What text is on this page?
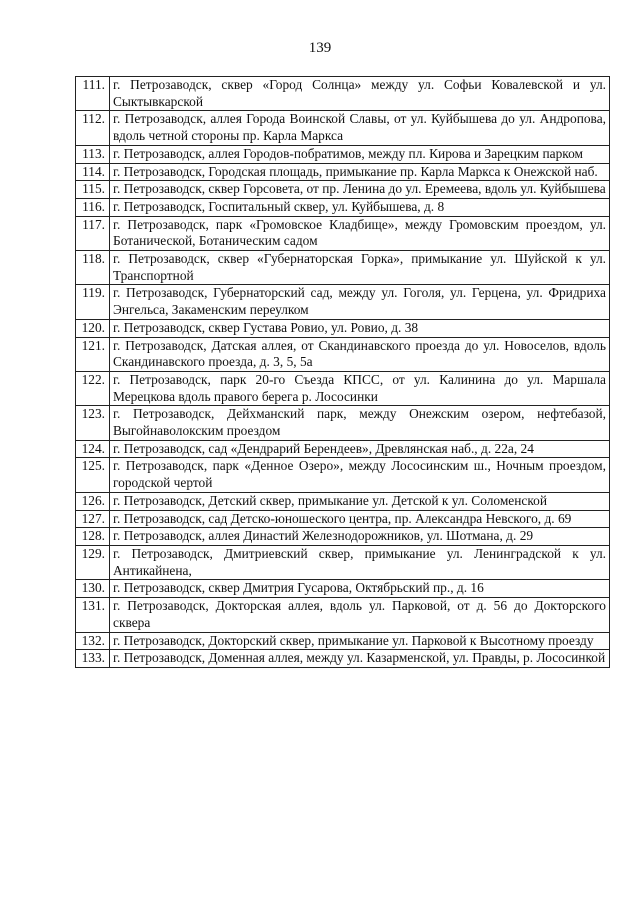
139
111.	г. Петрозаводск, сквер «Город Солнца» между ул. Софьи Ковалевской и ул. Сыктывкарской
112.	г. Петрозаводск, аллея Города Воинской Славы, от ул. Куйбышева до ул. Андропова, вдоль четной стороны пр. Карла Маркса
113.	г. Петрозаводск, аллея Городов-побратимов, между пл. Кирова и Зарецким парком
114.	г. Петрозаводск, Городская площадь, примыкание пр. Карла Маркса к Онежской наб.
115.	г. Петрозаводск, сквер Горсовета, от пр. Ленина до ул. Еремеева, вдоль ул. Куйбышева
116.	г. Петрозаводск, Госпитальный сквер, ул. Куйбышева, д. 8
117.	г. Петрозаводск, парк «Громовское Кладбище», между Громовским проездом, ул. Ботанической, Ботаническим садом
118.	г. Петрозаводск, сквер «Губернаторская Горка», примыкание ул. Шуйской к ул. Транспортной
119.	г. Петрозаводск, Губернаторский сад, между ул. Гоголя, ул. Герцена, ул. Фридриха Энгельса, Закаменским переулком
120.	г. Петрозаводск, сквер Густава Ровио, ул. Ровио, д. 38
121.	г. Петрозаводск, Датская аллея, от Скандинавского проезда до ул. Новоселов, вдоль Скандинавского проезда, д. 3, 5, 5а
122.	г. Петрозаводск, парк 20-го Съезда КПСС, от ул. Калинина до ул. Маршала Мерецкова вдоль правого берега р. Лососинки
123.	г. Петрозаводск, Дейхманский парк, между Онежским озером, нефтебазой, Выгойнаволокским проездом
124.	г. Петрозаводск, сад «Дендрарий Берендеев», Древлянская наб., д. 22а, 24
125.	г. Петрозаводск, парк «Денное Озеро», между Лососинским ш., Ночным проездом, городской чертой
126.	г. Петрозаводск, Детский сквер, примыкание ул. Детской к ул. Соломенской
127.	г. Петрозаводск, сад Детско-юношеского центра, пр. Александра Невского, д. 69
128.	г. Петрозаводск, аллея Династий Железнодорожников, ул. Шотмана, д. 29
129.	г. Петрозаводск, Дмитриевский сквер, примыкание ул. Ленинградской к ул. Антикайнена,
130.	г. Петрозаводск, сквер Дмитрия Гусарова, Октябрьский пр., д. 16
131.	г. Петрозаводск, Докторская аллея, вдоль ул. Парковой, от д. 56 до Докторского сквера
132.	г. Петрозаводск, Докторский сквер, примыкание ул. Парковой к Высотному проезду
133.	г. Петрозаводск, Доменная аллея, между ул. Казарменской, ул. Правды, р. Лососинкой
